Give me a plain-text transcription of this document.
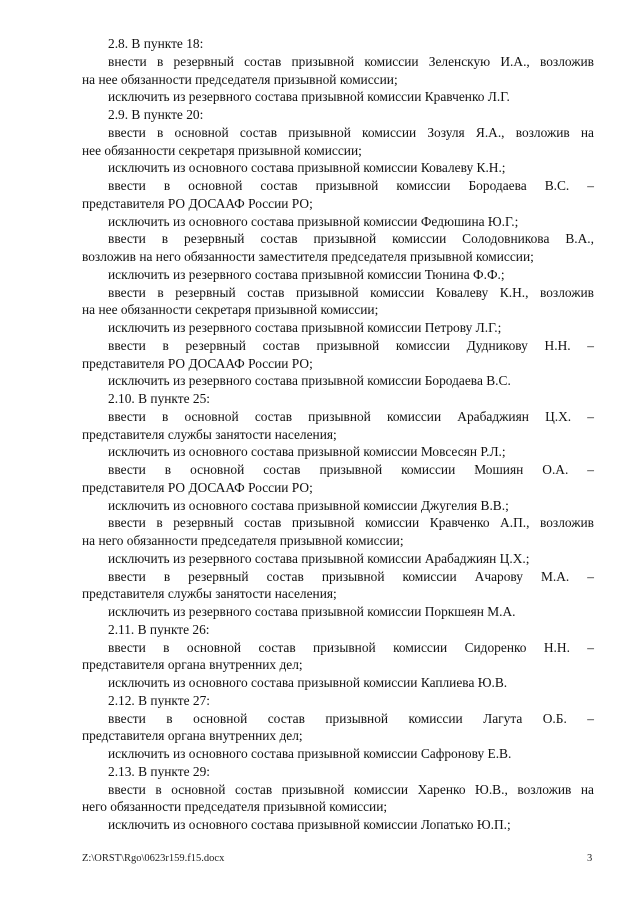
2.8. В пункте 18:
внести в резервный состав призывной комиссии Зеленскую И.А., возложив
на нее обязанности председателя призывной комиссии;
исключить из резервного состава призывной комиссии Кравченко Л.Г.
2.9. В пункте 20:
ввести в основной состав призывной комиссии Зозуля Я.А., возложив на
нее обязанности секретаря призывной комиссии;
исключить из основного состава призывной комиссии Ковалеву К.Н.;
ввести в основной состав призывной комиссии Бородаева В.С. –
представителя РО ДОСААФ России РО;
исключить из основного состава призывной комиссии Федюшина Ю.Г.;
ввести в резервный состав призывной комиссии Солодовникова В.А.,
возложив на него обязанности заместителя председателя призывной комиссии;
исключить из резервного состава призывной комиссии Тюнина Ф.Ф.;
ввести в резервный состав призывной комиссии Ковалеву К.Н., возложив
на нее обязанности секретаря призывной комиссии;
исключить из резервного состава призывной комиссии Петрову Л.Г.;
ввести в резервный состав призывной комиссии Дудникову Н.Н. –
представителя РО ДОСААФ России РО;
исключить из резервного состава призывной комиссии Бородаева В.С.
2.10. В пункте 25:
ввести в основной состав призывной комиссии Арабаджиян Ц.Х. –
представителя службы занятости населения;
исключить из основного состава призывной комиссии Мовсесян Р.Л.;
ввести в основной состав призывной комиссии Мошиян О.А. –
представителя РО ДОСААФ России РО;
исключить из основного состава призывной комиссии Джугелия В.В.;
ввести в резервный состав призывной комиссии Кравченко А.П., возложив
на него обязанности председателя призывной комиссии;
исключить из резервного состава призывной комиссии Арабаджиян Ц.Х.;
ввести в резервный состав призывной комиссии Ачарову М.А. –
представителя службы занятости населения;
исключить из резервного состава призывной комиссии Поркшеян М.А.
2.11. В пункте 26:
ввести в основной состав призывной комиссии Сидоренко Н.Н. –
представителя органа внутренних дел;
исключить из основного состава призывной комиссии Каплиева Ю.В.
2.12. В пункте 27:
ввести в основной состав призывной комиссии Лагута О.Б. –
представителя органа внутренних дел;
исключить из основного состава призывной комиссии Сафронову Е.В.
2.13. В пункте 29:
ввести в основной состав призывной комиссии Харенко Ю.В., возложив на
него обязанности председателя призывной комиссии;
исключить из основного состава призывной комиссии Лопатько Ю.П.;
Z:\ORST\Rgo\0623r159.f15.docx	3
